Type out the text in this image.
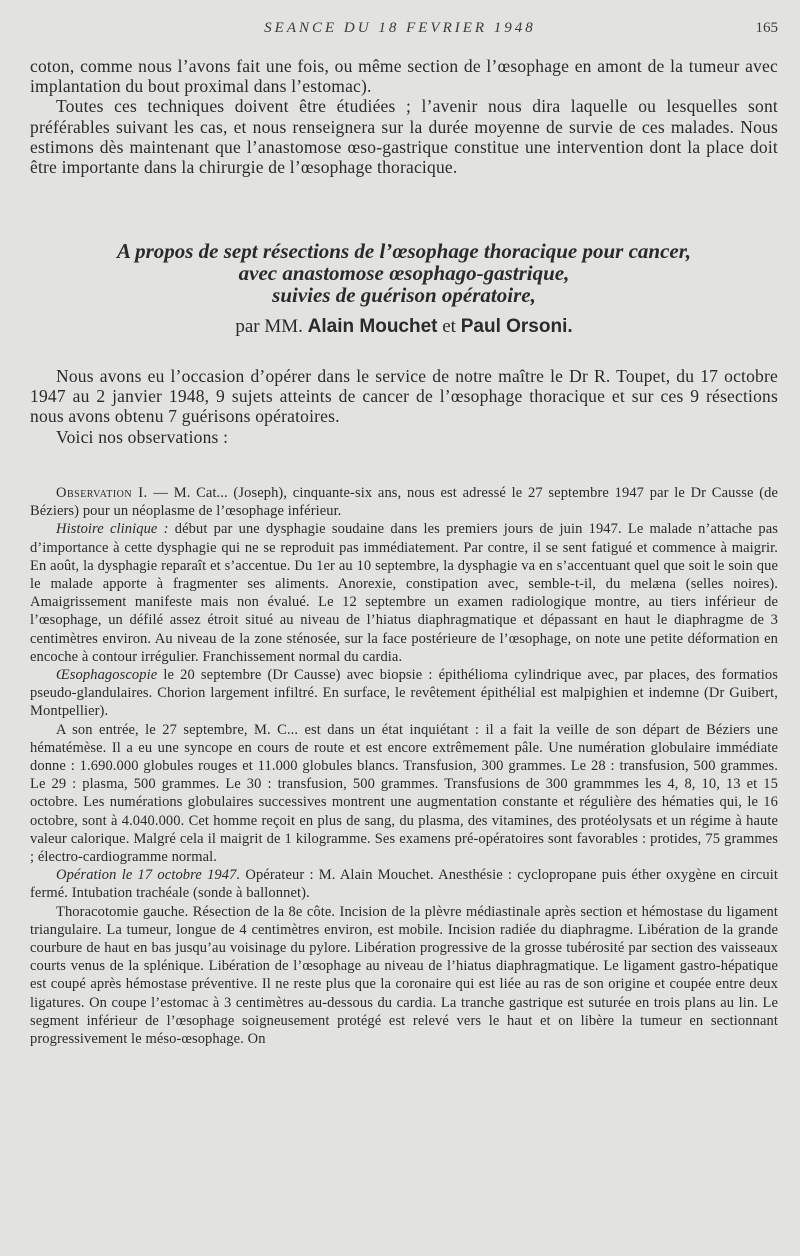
SEANCE DU 18 FEVRIER 1948	165

coton, comme nous l’avons fait une fois, ou même section de l’œsophage en amont de la tumeur avec implantation du bout proximal dans l’estomac).

Toutes ces techniques doivent être étudiées ; l’avenir nous dira laquelle ou lesquelles sont préférables suivant les cas, et nous renseignera sur la durée moyenne de survie de ces malades. Nous estimons dès maintenant que l’anastomose œso-gastrique constitue une intervention dont la place doit être importante dans la chirurgie de l’œsophage thoracique.

A propos de sept résections de l’œsophage thoracique pour cancer,

avec anastomose œsophago-gastrique,

suivies de guérison opératoire,

par MM. Alain Mouchet et Paul Orsoni.

Nous avons eu l’occasion d’opérer dans le service de notre maître le Dr R. Toupet, du 17 octobre 1947 au 2 janvier 1948, 9 sujets atteints de cancer de l’œsophage thoracique et sur ces 9 résections nous avons obtenu 7 guérisons opératoires.

Voici nos observations :

Observation I. — M. Cat... (Joseph), cinquante-six ans, nous est adressé le 27 septembre 1947 par le Dr Causse (de Béziers) pour un néoplasme de l’œsophage inférieur.

Histoire clinique : début par une dysphagie soudaine dans les premiers jours de juin 1947. Le malade n’attache pas d’importance à cette dysphagie qui ne se reproduit pas immédiatement. Par contre, il se sent fatigué et commence à maigrir. En août, la dysphagie reparaît et s’accentue. Du 1er au 10 septembre, la dysphagie va en s’accentuant quel que soit le soin que le malade apporte à fragmenter ses aliments. Anorexie, constipation avec, semble-t-il, du melæna (selles noires). Amaigrissement manifeste mais non évalué. Le 12 septembre un examen radiologique montre, au tiers inférieur de l’œsophage, un défilé assez étroit situé au niveau de l’hiatus diaphragmatique et dépassant en haut le diaphragme de 3 centimètres environ. Au niveau de la zone sténosée, sur la face postérieure de l’œsophage, on note une petite déformation en encoche à contour irrégulier. Franchissement normal du cardia.

Œsophagoscopie le 20 septembre (Dr Causse) avec biopsie : épithélioma cylindrique avec, par places, des formatios pseudo-glandulaires. Chorion largement infiltré. En surface, le revêtement épithélial est malpighien et indemne (Dr Guibert, Montpellier).

A son entrée, le 27 septembre, M. C... est dans un état inquiétant : il a fait la veille de son départ de Béziers une hématémèse. Il a eu une syncope en cours de route et est encore extrêmement pâle. Une numération globulaire immédiate donne : 1.690.000 globules rouges et 11.000 globules blancs. Transfusion, 300 grammes. Le 28 : transfusion, 500 grammes. Le 29 : plasma, 500 grammes. Le 30 : transfusion, 500 grammes. Transfusions de 300 grammmes les 4, 8, 10, 13 et 15 octobre. Les numérations globulaires successives montrent une augmentation constante et régulière des hématies qui, le 16 octobre, sont à 4.040.000. Cet homme reçoit en plus de sang, du plasma, des vitamines, des protéolysats et un régime à haute valeur calorique. Malgré cela il maigrit de 1 kilogramme. Ses examens pré-opératoires sont favorables : protides, 75 grammes ; électro-cardiogramme normal.

Opération le 17 octobre 1947. Opérateur : M. Alain Mouchet. Anesthésie : cyclopropane puis éther oxygène en circuit fermé. Intubation trachéale (sonde à ballonnet).

Thoracotomie gauche. Résection de la 8e côte. Incision de la plèvre médiastinale après section et hémostase du ligament triangulaire. La tumeur, longue de 4 centimètres environ, est mobile. Incision radiée du diaphragme. Libération de la grande courbure de haut en bas jusqu’au voisinage du pylore. Libération progressive de la grosse tubérosité par section des vaisseaux courts venus de la splénique. Libération de l’œsophage au niveau de l’hiatus diaphragmatique. Le ligament gastro-hépatique est coupé après hémostase préventive. Il ne reste plus que la coronaire qui est liée au ras de son origine et coupée entre deux ligatures. On coupe l’estomac à 3 centimètres au-dessous du cardia. La tranche gastrique est suturée en trois plans au lin. Le segment inférieur de l’œsophage soigneusement protégé est relevé vers le haut et on libère la tumeur en sectionnant progressivement le méso-œsophage. On
